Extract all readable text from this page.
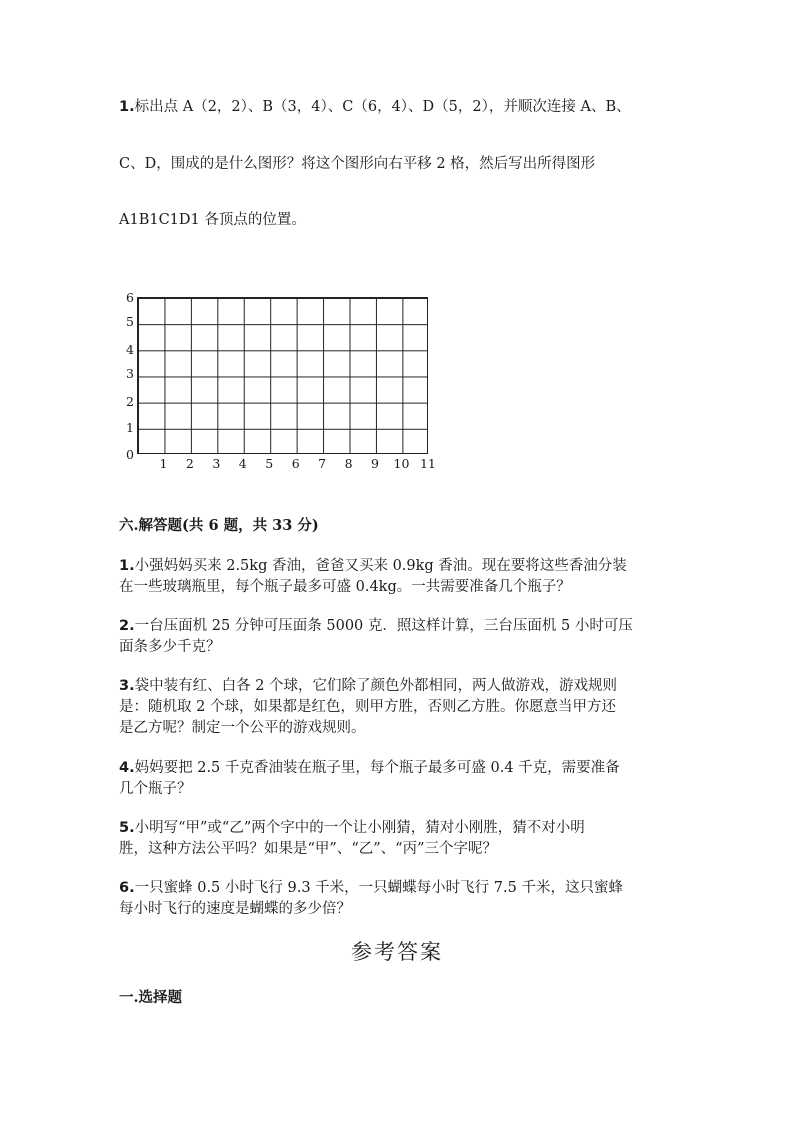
1.标出点 A（2，2）、B（3，4）、C（6，4）、D（5，2），并顺次连接 A、B、
C、D，围成的是什么图形？将这个图形向右平移 2 格，然后写出所得图形
A1B1C1D1 各顶点的位置。
6
5
4
3
2
1
0
1 2 3 4 5 6 7 8 9 10 11
六.解答题(共 6 题，共 33 分)
1.小强妈妈买来 2.5kg 香油，爸爸又买来 0.9kg 香油。现在要将这些香油分装
在一些玻璃瓶里，每个瓶子最多可盛 0.4kg。一共需要准备几个瓶子？
2.一台压面机 25 分钟可压面条 5000 克．照这样计算，三台压面机 5 小时可压
面条多少千克？
3.袋中装有红、白各 2 个球，它们除了颜色外都相同，两人做游戏，游戏规则
是：随机取 2 个球，如果都是红色，则甲方胜，否则乙方胜。你愿意当甲方还
是乙方呢？制定一个公平的游戏规则。
4.妈妈要把 2.5 千克香油装在瓶子里，每个瓶子最多可盛 0.4 千克，需要准备
几个瓶子？
5.小明写“甲”或“乙”两个字中的一个让小刚猜，猜对小刚胜，猜不对小明
胜，这种方法公平吗？如果是“甲”、“乙”、“丙”三个字呢？
6.一只蜜蜂 0.5 小时飞行 9.3 千米，一只蝴蝶每小时飞行 7.5 千米，这只蜜蜂
每小时飞行的速度是蝴蝶的多少倍？
参考答案
一.选择题
